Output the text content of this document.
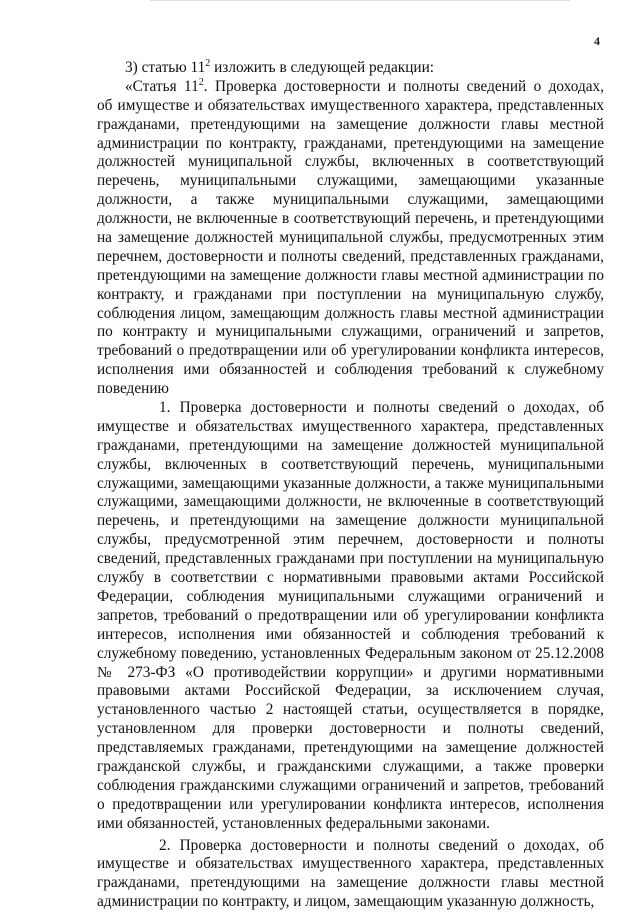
4
3) статью $11^2$ изложить в следующей редакции:
«Статья $11^2$. Проверка достоверности и полноты сведений о доходах,
об имуществе и обязательствах имущественного характера, представленных
гражданами, претендующими на замещение должности главы местной
администрации по контракту, гражданами, претендующими на замещение
должностей муниципальной службы, включенных в соответствующий
перечень, муниципальными служащими, замещающими указанные
должности, а также муниципальными служащими, замещающими
должности, не включенные в соответствующий перечень, и претендующими
на замещение должностей муниципальной службы, предусмотренных этим
перечнем, достоверности и полноты сведений, представленных гражданами,
претендующими на замещение должности главы местной администрации по
контракту, и гражданами при поступлении на муниципальную службу,
соблюдения лицом, замещающим должность главы местной администрации
по контракту и муниципальными служащими, ограничений и запретов,
требований о предотвращении или об урегулировании конфликта интересов,
исполнения ими обязанностей и соблюдения требований к служебному
поведению
1. Проверка достоверности и полноты сведений о доходах, об
имуществе и обязательствах имущественного характера, представленных
гражданами, претендующими на замещение должностей муниципальной
службы, включенных в соответствующий перечень, муниципальными
служащими, замещающими указанные должности, а также муниципальными
служащими, замещающими должности, не включенные в соответствующий
перечень, и претендующими на замещение должности муниципальной
службы, предусмотренной этим перечнем, достоверности и полноты
сведений, представленных гражданами при поступлении на муниципальную
службу в соответствии с нормативными правовыми актами Российской
Федерации, соблюдения муниципальными служащими ограничений и
запретов, требований о предотвращении или об урегулировании конфликта
интересов, исполнения ими обязанностей и соблюдения требований к
служебному поведению, установленных Федеральным законом от 25.12.2008
№ 273-ФЗ «О противодействии коррупции» и другими нормативными
правовыми актами Российской Федерации, за исключением случая,
установленного частью 2 настоящей статьи, осуществляется в порядке,
установленном для проверки достоверности и полноты сведений,
представляемых гражданами, претендующими на замещение должностей
гражданской службы, и гражданскими служащими, а также проверки
соблюдения гражданскими служащими ограничений и запретов, требований
о предотвращении или урегулировании конфликта интересов, исполнения
ими обязанностей, установленных федеральными законами.
2. Проверка достоверности и полноты сведений о доходах, об
имуществе и обязательствах имущественного характера, представленных
гражданами, претендующими на замещение должности главы местной
администрации по контракту, и лицом, замещающим указанную должность,
